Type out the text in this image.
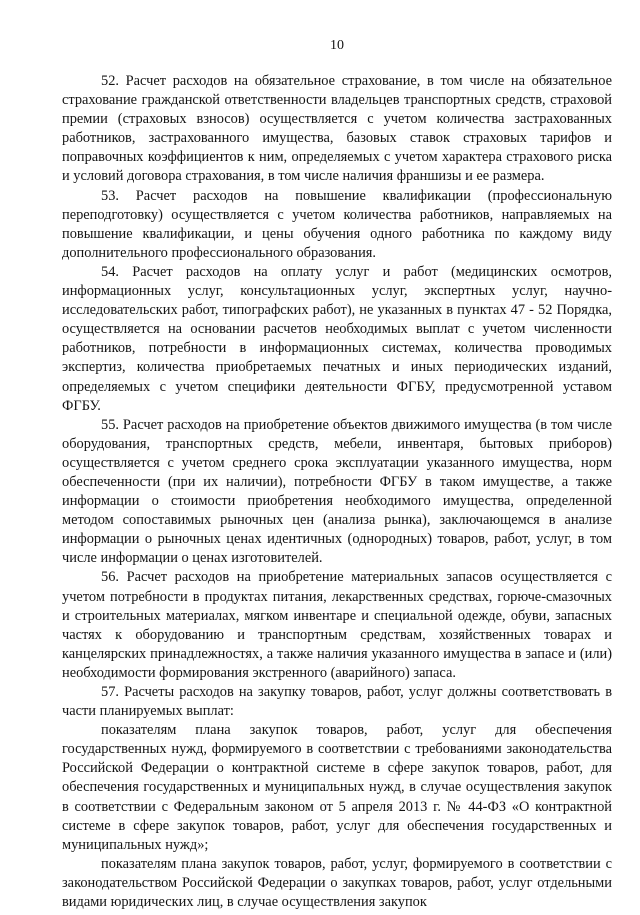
10

52. Расчет расходов на обязательное страхование, в том числе на обязательное страхование гражданской ответственности владельцев транспортных средств, страховой премии (страховых взносов) осуществляется с учетом количества застрахованных работников, застрахованного имущества, базовых ставок страховых тарифов и поправочных коэффициентов к ним, определяемых с учетом характера страхового риска и условий договора страхования, в том числе наличия франшизы и ее размера.

53. Расчет расходов на повышение квалификации (профессиональную переподготовку) осуществляется с учетом количества работников, направляемых на повышение квалификации, и цены обучения одного работника по каждому виду дополнительного профессионального образования.

54. Расчет расходов на оплату услуг и работ (медицинских осмотров, информационных услуг, консультационных услуг, экспертных услуг, научно-исследовательских работ, типографских работ), не указанных в пунктах 47 - 52 Порядка, осуществляется на основании расчетов необходимых выплат с учетом численности работников, потребности в информационных системах, количества проводимых экспертиз, количества приобретаемых печатных и иных периодических изданий, определяемых с учетом специфики деятельности ФГБУ, предусмотренной уставом ФГБУ.

55. Расчет расходов на приобретение объектов движимого имущества (в том числе оборудования, транспортных средств, мебели, инвентаря, бытовых приборов) осуществляется с учетом среднего срока эксплуатации указанного имущества, норм обеспеченности (при их наличии), потребности ФГБУ в таком имуществе, а также информации о стоимости приобретения необходимого имущества, определенной методом сопоставимых рыночных цен (анализа рынка), заключающемся в анализе информации о рыночных ценах идентичных (однородных) товаров, работ, услуг, в том числе информации о ценах изготовителей.

56. Расчет расходов на приобретение материальных запасов осуществляется с учетом потребности в продуктах питания, лекарственных средствах, горюче-смазочных и строительных материалах, мягком инвентаре и специальной одежде, обуви, запасных частях к оборудованию и транспортным средствам, хозяйственных товарах и канцелярских принадлежностях, а также наличия указанного имущества в запасе и (или) необходимости формирования экстренного (аварийного) запаса.

57. Расчеты расходов на закупку товаров, работ, услуг должны соответствовать в части планируемых выплат:

показателям плана закупок товаров, работ, услуг для обеспечения государственных нужд, формируемого в соответствии с требованиями законодательства Российской Федерации о контрактной системе в сфере закупок товаров, работ, для обеспечения государственных и муниципальных нужд, в случае осуществления закупок в соответствии с Федеральным законом от 5 апреля 2013 г. № 44-ФЗ «О контрактной системе в сфере закупок товаров, работ, услуг для обеспечения государственных и муниципальных нужд»;

показателям плана закупок товаров, работ, услуг, формируемого в соответствии с законодательством Российской Федерации о закупках товаров, работ, услуг отдельными видами юридических лиц, в случае осуществления закупок
